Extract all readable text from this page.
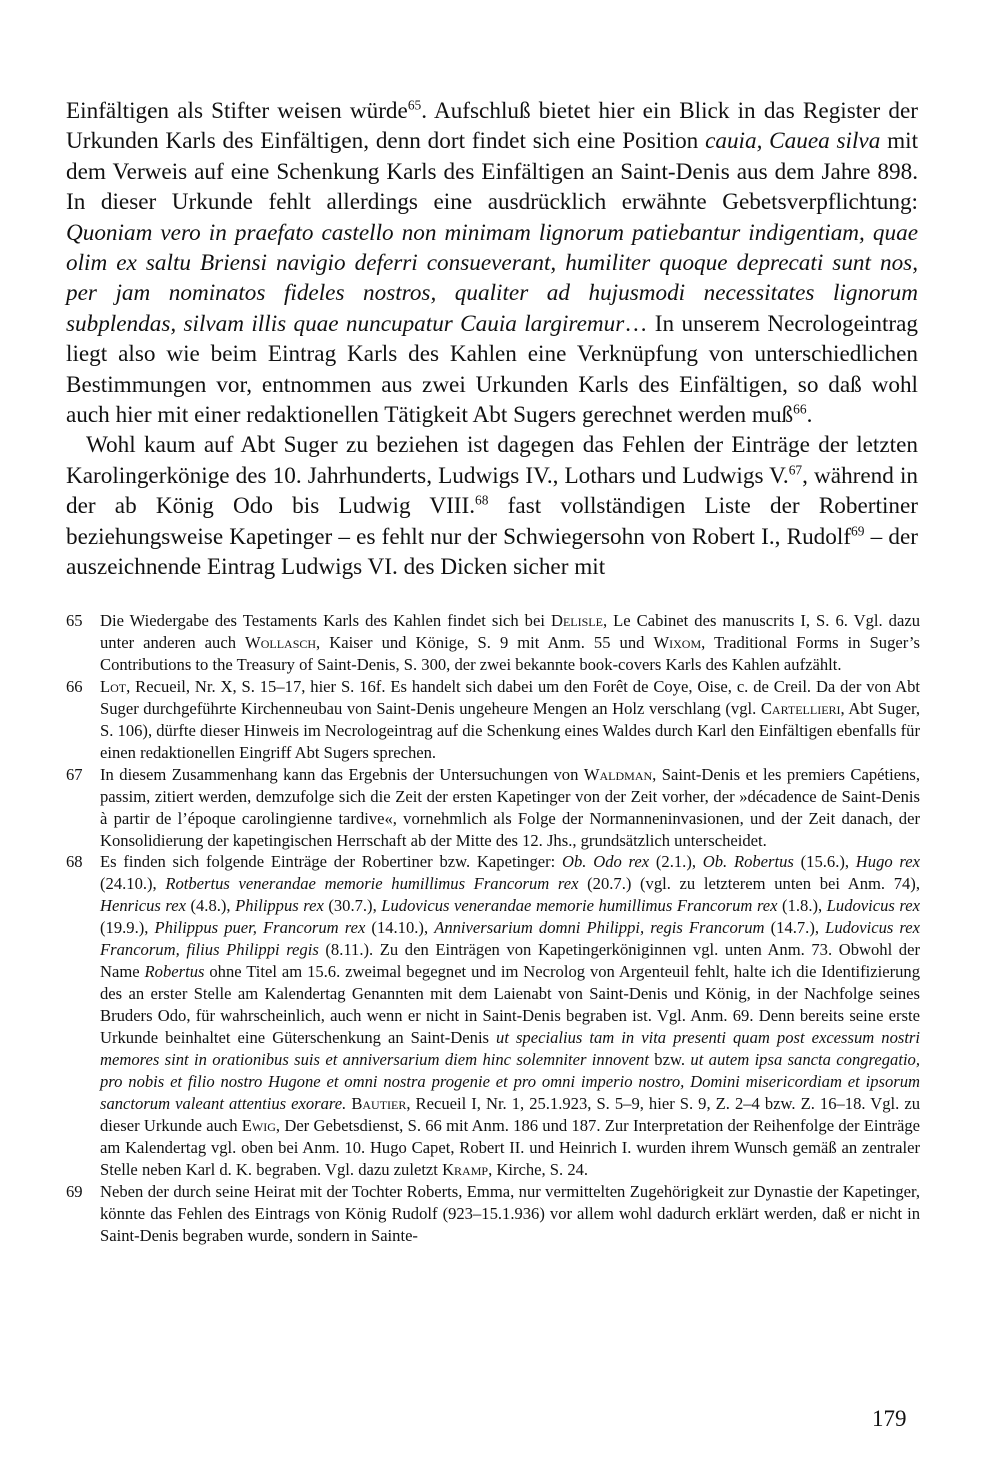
Einfältigen als Stifter weisen würde$^{65}$. Aufschluß bietet hier ein Blick in das Register der Urkunden Karls des Einfältigen, denn dort findet sich eine Position cauia, Cauea silva mit dem Verweis auf eine Schenkung Karls des Einfältigen an Saint-Denis aus dem Jahre 898. In dieser Urkunde fehlt allerdings eine ausdrücklich erwähnte Gebetsverpflichtung: Quoniam vero in praefato castello non minimam lignorum patiebantur indigentiam, quae olim ex saltu Briensi navigio deferri consueverant, humiliter quoque deprecati sunt nos, per jam nominatos fideles nostros, qualiter ad hujusmodi necessitates lignorum subplendas, silvam illis quae nuncupatur Cauia largiremur… In unserem Necrologeintrag liegt also wie beim Eintrag Karls des Kahlen eine Verknüpfung von unterschiedlichen Bestimmungen vor, entnommen aus zwei Urkunden Karls des Einfältigen, so daß wohl auch hier mit einer redaktionellen Tätigkeit Abt Sugers gerechnet werden muß$^{66}$.

Wohl kaum auf Abt Suger zu beziehen ist dagegen das Fehlen der Einträge der letzten Karolingerkönige des 10. Jahrhunderts, Ludwigs IV., Lothars und Ludwigs V.$^{67}$, während in der ab König Odo bis Ludwig VIII.$^{68}$ fast vollständigen Liste der Robertiner beziehungsweise Kapetinger – es fehlt nur der Schwiegersohn von Robert I., Rudolf$^{69}$ – der auszeichnende Eintrag Ludwigs VI. des Dicken sicher mit

65 Die Wiedergabe des Testaments Karls des Kahlen findet sich bei Delisle, Le Cabinet des manuscrits I, S. 6. Vgl. dazu unter anderen auch Wollasch, Kaiser und Könige, S. 9 mit Anm. 55 und Wixom, Traditional Forms in Suger’s Contributions to the Treasury of Saint-Denis, S. 300, der zwei bekannte book-covers Karls des Kahlen aufzählt.

66 Lot, Recueil, Nr. X, S. 15–17, hier S. 16f. Es handelt sich dabei um den Forêt de Coye, Oise, c. de Creil. Da der von Abt Suger durchgeführte Kirchenneubau von Saint-Denis ungeheure Mengen an Holz verschlang (vgl. Cartellieri, Abt Suger, S. 106), dürfte dieser Hinweis im Necrologeintrag auf die Schenkung eines Waldes durch Karl den Einfältigen ebenfalls für einen redaktionellen Eingriff Abt Sugers sprechen.

67 In diesem Zusammenhang kann das Ergebnis der Untersuchungen von Waldman, Saint-Denis et les premiers Capétiens, passim, zitiert werden, demzufolge sich die Zeit der ersten Kapetinger von der Zeit vorher, der »décadence de Saint-Denis à partir de l’époque carolingienne tardive«, vornehmlich als Folge der Normanneninvasionen, und der Zeit danach, der Konsolidierung der kapetingischen Herrschaft ab der Mitte des 12. Jhs., grundsätzlich unterscheidet.

68 Es finden sich folgende Einträge der Robertiner bzw. Kapetinger: Ob. Odo rex (2.1.), Ob. Robertus (15.6.), Hugo rex (24.10.), Rotbertus venerandae memorie humillimus Francorum rex (20.7.) (vgl. zu letzterem unten bei Anm. 74), Henricus rex (4.8.), Philippus rex (30.7.), Ludovicus venerandae memorie humillimus Francorum rex (1.8.), Ludovicus rex (19.9.), Philippus puer, Francorum rex (14.10.), Anniversarium domni Philippi, regis Francorum (14.7.), Ludovicus rex Francorum, filius Philippi regis (8.11.). Zu den Einträgen von Kapetingerköniginnen vgl. unten Anm. 73. Obwohl der Name Robertus ohne Titel am 15.6. zweimal begegnet und im Necrolog von Argenteuil fehlt, halte ich die Identifizierung des an erster Stelle am Kalendertag Genannten mit dem Laienabt von Saint-Denis und König, in der Nachfolge seines Bruders Odo, für wahrscheinlich, auch wenn er nicht in Saint-Denis begraben ist. Vgl. Anm. 69. Denn bereits seine erste Urkunde beinhaltet eine Güterschenkung an Saint-Denis ut specialius tam in vita presenti quam post excessum nostri memores sint in orationibus suis et anniversarium diem hinc solemniter innovent bzw. ut autem ipsa sancta congregatio, pro nobis et filio nostro Hugone et omni nostra progenie et pro omni imperio nostro, Domini misericordiam et ipsorum sanctorum valeant attentius exorare. Bautier, Recueil I, Nr. 1, 25.1.923, S. 5–9, hier S. 9, Z. 2–4 bzw. Z. 16–18. Vgl. zu dieser Urkunde auch Ewig, Der Gebetsdienst, S. 66 mit Anm. 186 und 187. Zur Interpretation der Reihenfolge der Einträge am Kalendertag vgl. oben bei Anm. 10. Hugo Capet, Robert II. und Heinrich I. wurden ihrem Wunsch gemäß an zentraler Stelle neben Karl d. K. begraben. Vgl. dazu zuletzt Kramp, Kirche, S. 24.

69 Neben der durch seine Heirat mit der Tochter Roberts, Emma, nur vermittelten Zugehörigkeit zur Dynastie der Kapetinger, könnte das Fehlen des Eintrags von König Rudolf (923–15.1.936) vor allem wohl dadurch erklärt werden, daß er nicht in Saint-Denis begraben wurde, sondern in Sainte-

179
